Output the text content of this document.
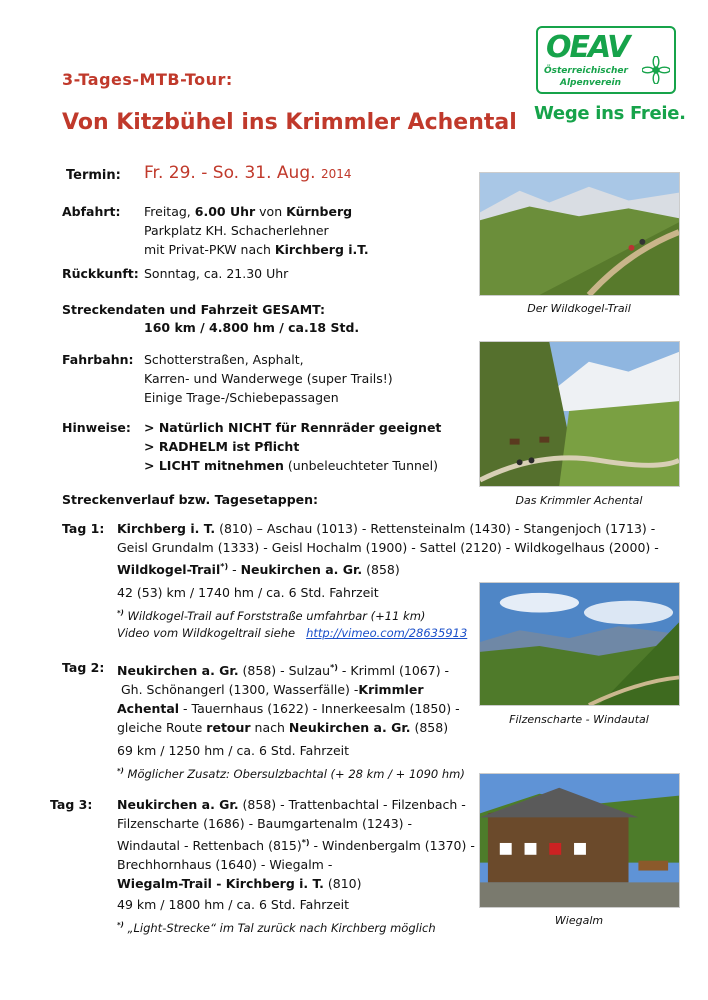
3-Tages-MTB-Tour:
Von Kitzbühel ins Krimmler Achental
OEAV
Österreichischer
Alpenverein
Wege ins Freie.
Termin: Fr. 29. - So. 31. Aug. 2014
Abfahrt: Freitag, 6.00 Uhr von Kürnberg
Parkplatz KH. Schacherlehner
mit Privat-PKW nach Kirchberg i.T.
Rückkunft: Sonntag, ca. 21.30 Uhr
Streckendaten und Fahrzeit GESAMT:
160 km / 4.800 hm / ca.18 Std.
Fahrbahn: Schotterstraßen, Asphalt,
Karren- und Wanderwege (super Trails!)
Einige Trage-/Schiebepassagen
Hinweise: > Natürlich NICHT für Rennräder geeignet
> RADHELM ist Pflicht
> LICHT mitnehmen (unbeleuchteter Tunnel)
Streckenverlauf bzw. Tagesetappen:
Tag 1: Kirchberg i. T. (810) – Aschau (1013) - Rettensteinalm (1430) - Stangenjoch (1713) -
Geisl Grundalm (1333) - Geisl Hochalm (1900) - Sattel (2120) - Wildkogelhaus (2000) -
Wildkogel-Trail*) - Neukirchen a. Gr. (858)
42 (53) km / 1740 hm / ca. 6 Std. Fahrzeit
*) Wildkogel-Trail auf Forststraße umfahrbar (+11 km)
Video vom Wildkogeltrail siehe http://vimeo.com/28635913
Tag 2: Neukirchen a. Gr. (858) - Sulzau*) - Krimml (1067) -
Gh. Schönangerl (1300, Wasserfälle) -Krimmler
Achental - Tauernhaus (1622) - Innerkeesalm (1850) -
gleiche Route retour nach Neukirchen a. Gr. (858)
69 km / 1250 hm / ca. 6 Std. Fahrzeit
*) Möglicher Zusatz: Obersulzbachtal (+ 28 km / + 1090 hm)
Tag 3: Neukirchen a. Gr. (858) - Trattenbachtal - Filzenbach -
Filzenscharte (1686) - Baumgartenalm (1243) -
Windautal - Rettenbach (815)*) - Windenbergalm (1370) -
Brechhornhaus (1640) - Wiegalm -
Wiegalm-Trail - Kirchberg i. T. (810)
49 km / 1800 hm / ca. 6 Std. Fahrzeit
*) „Light-Strecke“ im Tal zurück nach Kirchberg möglich
Der Wildkogel-Trail
Das Krimmler Achental
Filzenscharte - Windautal
Wiegalm
